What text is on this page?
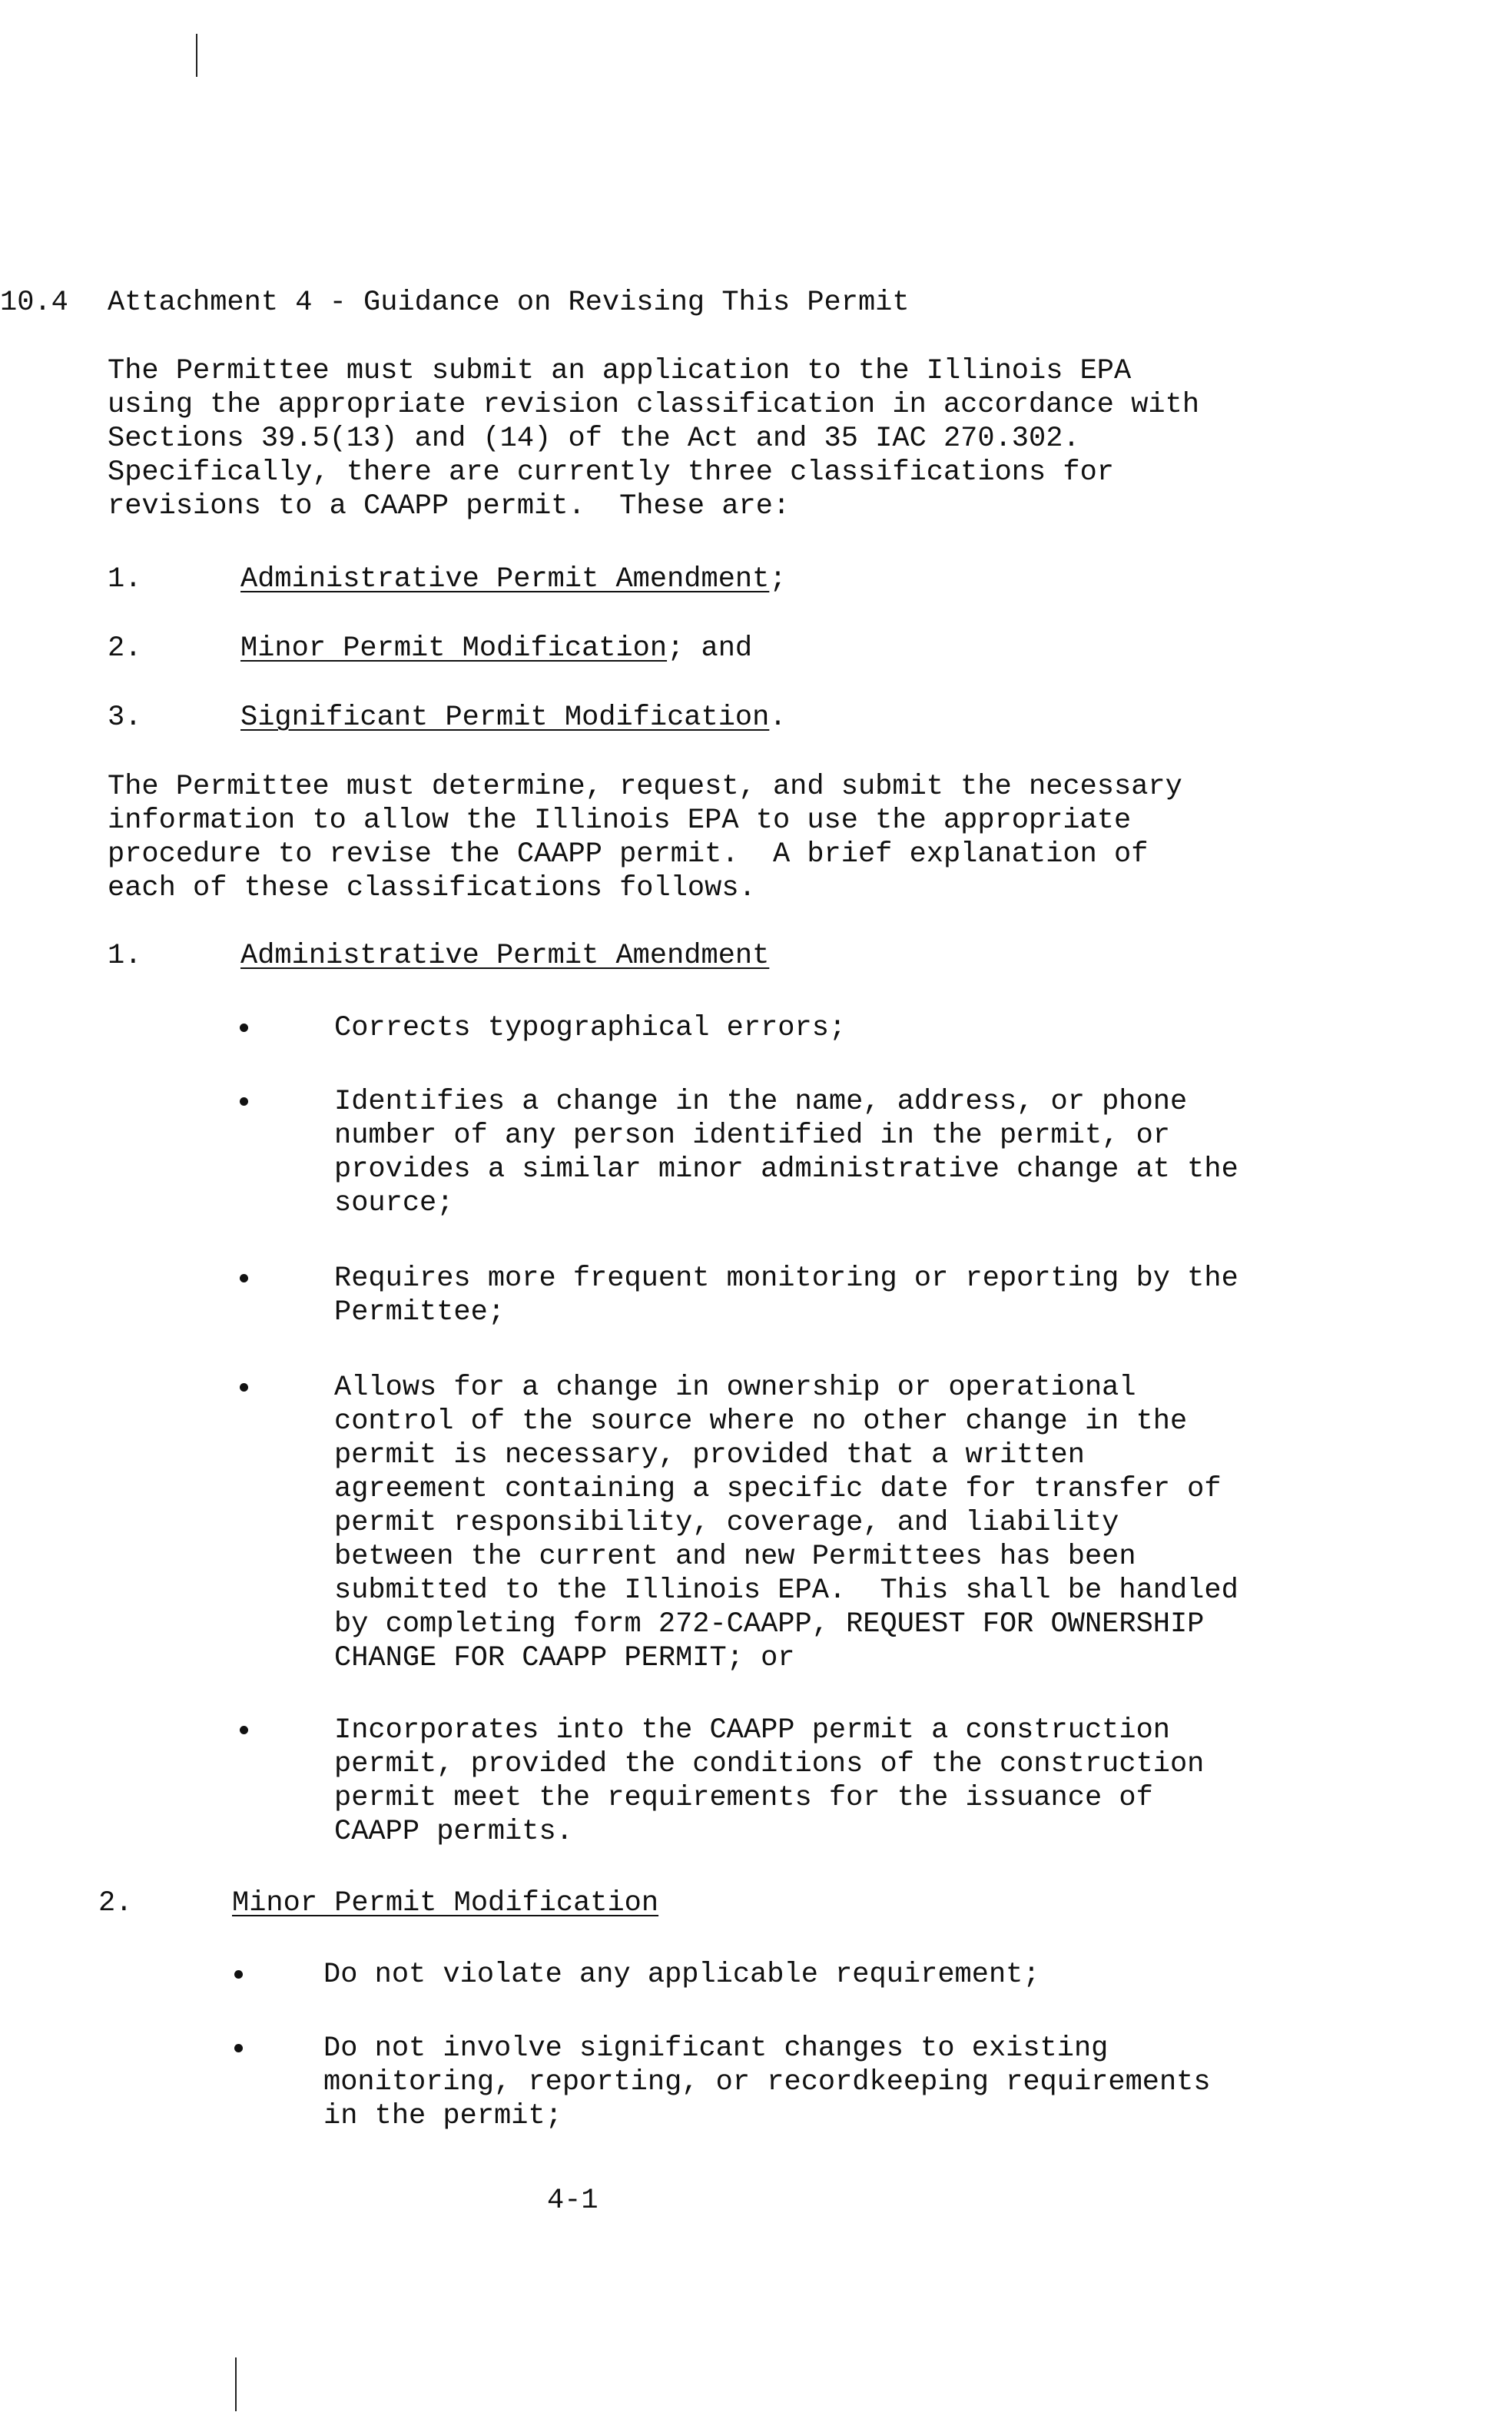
10.4 Attachment 4 - Guidance on Revising This Permit
The Permittee must submit an application to the Illinois EPA
using the appropriate revision classification in accordance with
Sections 39.5(13) and (14) of the Act and 35 IAC 270.302.
Specifically, there are currently three classifications for
revisions to a CAAPP permit.  These are:
1.	Administrative Permit Amendment;
2.	Minor Permit Modification; and
3.	Significant Permit Modification.
The Permittee must determine, request, and submit the necessary
information to allow the Illinois EPA to use the appropriate
procedure to revise the CAAPP permit.  A brief explanation of
each of these classifications follows.
1.	Administrative Permit Amendment
Corrects typographical errors;
Identifies a change in the name, address, or phone
number of any person identified in the permit, or
provides a similar minor administrative change at the
source;
Requires more frequent monitoring or reporting by the
Permittee;
Allows for a change in ownership or operational
control of the source where no other change in the
permit is necessary, provided that a written
agreement containing a specific date for transfer of
permit responsibility, coverage, and liability
between the current and new Permittees has been
submitted to the Illinois EPA.  This shall be handled
by completing form 272-CAAPP, REQUEST FOR OWNERSHIP
CHANGE FOR CAAPP PERMIT; or
Incorporates into the CAAPP permit a construction
permit, provided the conditions of the construction
permit meet the requirements for the issuance of
CAAPP permits.
2.	Minor Permit Modification
Do not violate any applicable requirement;
Do not involve significant changes to existing
monitoring, reporting, or recordkeeping requirements
in the permit;
4-1
